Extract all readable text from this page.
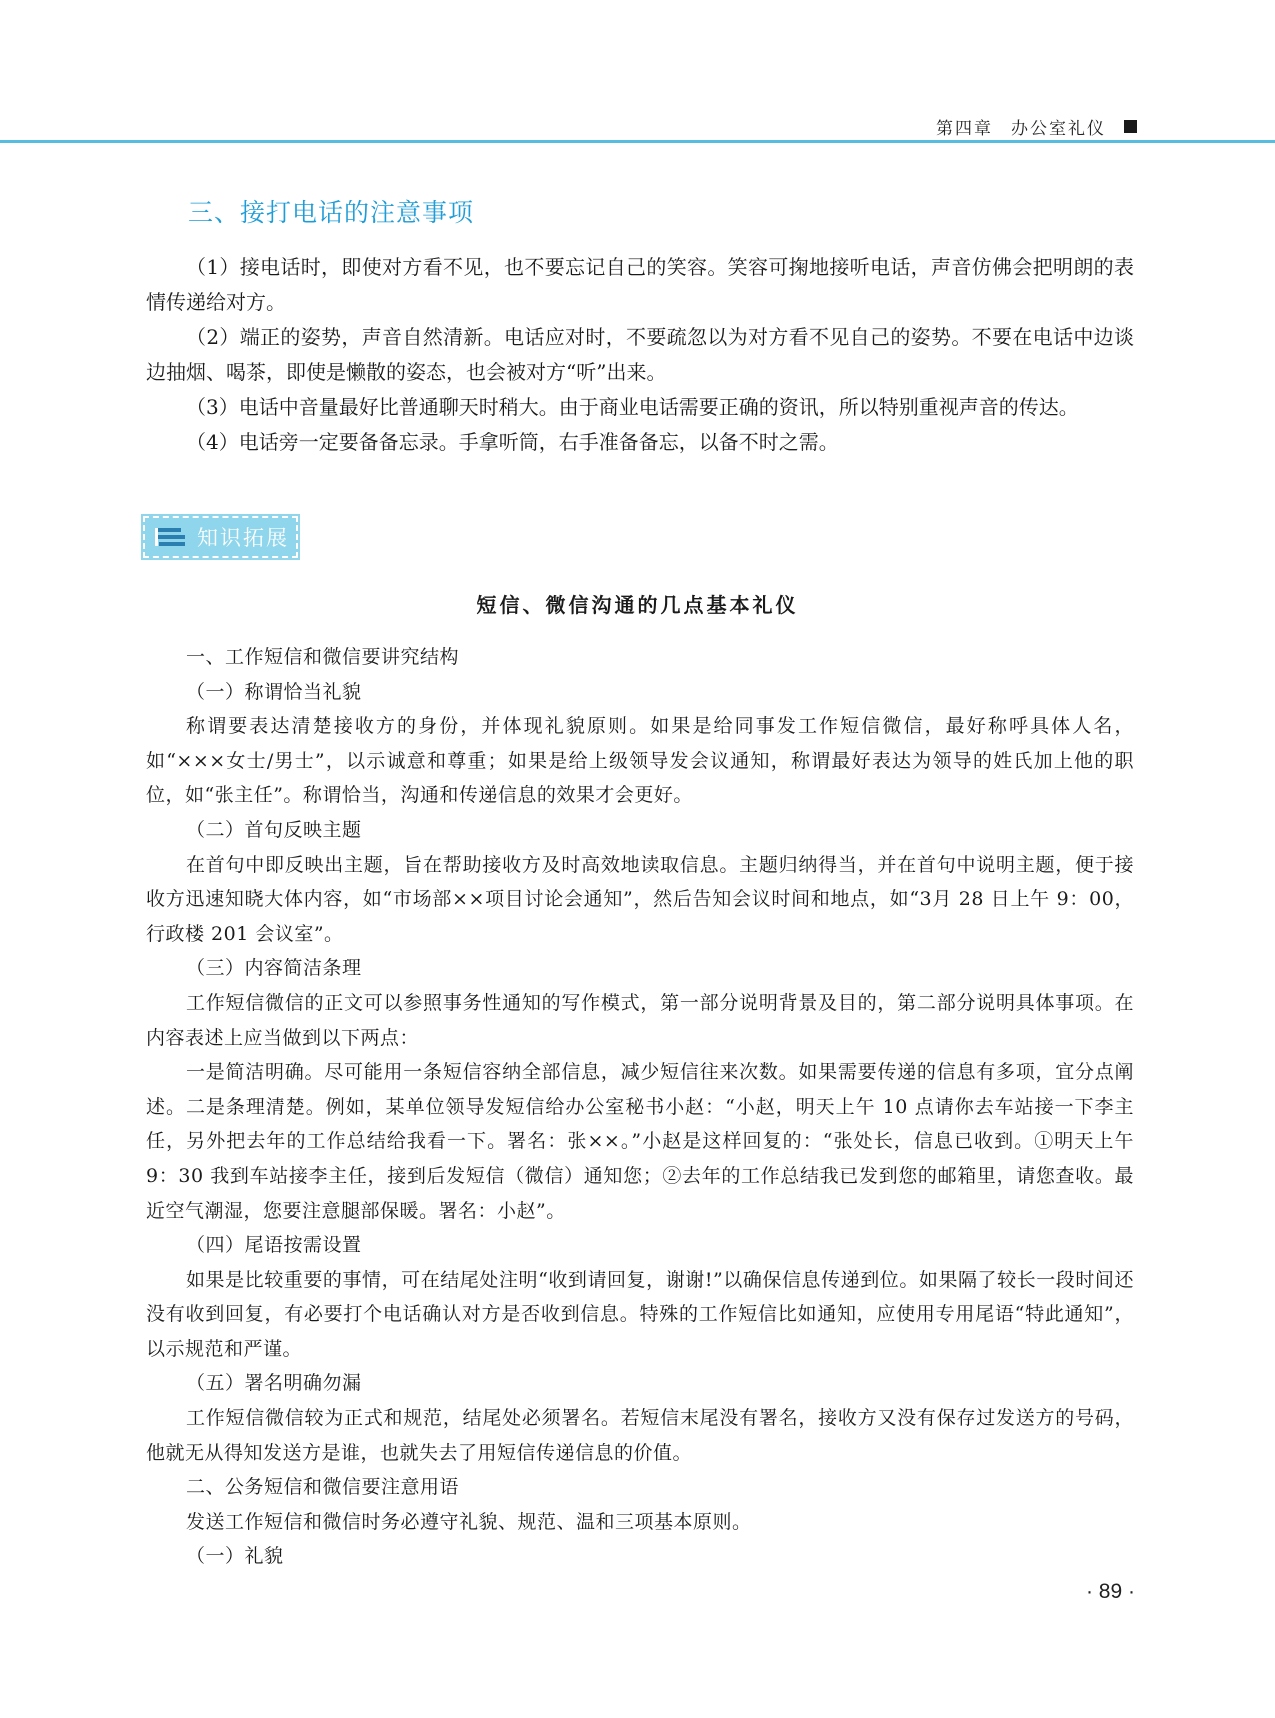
第四章 办公室礼仪
三、接打电话的注意事项

（1）接电话时，即使对方看不见，也不要忘记自己的笑容。笑容可掬地接听电话，声音仿佛会把明朗的表情传递给对方。

（2）端正的姿势，声音自然清新。电话应对时，不要疏忽以为对方看不见自己的姿势。不要在电话中边谈边抽烟、喝茶，即使是懒散的姿态，也会被对方“听”出来。

（3）电话中音量最好比普通聊天时稍大。由于商业电话需要正确的资讯，所以特别重视声音的传达。

（4）电话旁一定要备备忘录。手拿听筒，右手准备备忘，以备不时之需。

知识拓展
短信、微信沟通的几点基本礼仪

一、工作短信和微信要讲究结构

（一）称谓恰当礼貌

称谓要表达清楚接收方的身份，并体现礼貌原则。如果是给同事发工作短信微信，最好称呼具体人名，如“×××女士/男士”，以示诚意和尊重；如果是给上级领导发会议通知，称谓最好表达为领导的姓氏加上他的职位，如“张主任”。称谓恰当，沟通和传递信息的效果才会更好。

（二）首句反映主题

在首句中即反映出主题，旨在帮助接收方及时高效地读取信息。主题归纳得当，并在首句中说明主题，便于接收方迅速知晓大体内容，如“市场部××项目讨论会通知”，然后告知会议时间和地点，如“3月 28 日上午 9：00，行政楼 201 会议室”。

（三）内容简洁条理

工作短信微信的正文可以参照事务性通知的写作模式，第一部分说明背景及目的，第二部分说明具体事项。在内容表述上应当做到以下两点：

一是简洁明确。尽可能用一条短信容纳全部信息，减少短信往来次数。如果需要传递的信息有多项，宜分点阐述。二是条理清楚。例如，某单位领导发短信给办公室秘书小赵：“小赵，明天上午 10 点请你去车站接一下李主任，另外把去年的工作总结给我看一下。署名：张××。”小赵是这样回复的：“张处长，信息已收到。①明天上午 9：30 我到车站接李主任，接到后发短信（微信）通知您；②去年的工作总结我已发到您的邮箱里，请您查收。最近空气潮湿，您要注意腿部保暖。署名：小赵”。

（四）尾语按需设置

如果是比较重要的事情，可在结尾处注明“收到请回复，谢谢!”以确保信息传递到位。如果隔了较长一段时间还没有收到回复，有必要打个电话确认对方是否收到信息。特殊的工作短信比如通知，应使用专用尾语“特此通知”，以示规范和严谨。

（五）署名明确勿漏

工作短信微信较为正式和规范，结尾处必须署名。若短信末尾没有署名，接收方又没有保存过发送方的号码，他就无从得知发送方是谁，也就失去了用短信传递信息的价值。

二、公务短信和微信要注意用语

发送工作短信和微信时务必遵守礼貌、规范、温和三项基本原则。

（一）礼貌

· 89 ·
